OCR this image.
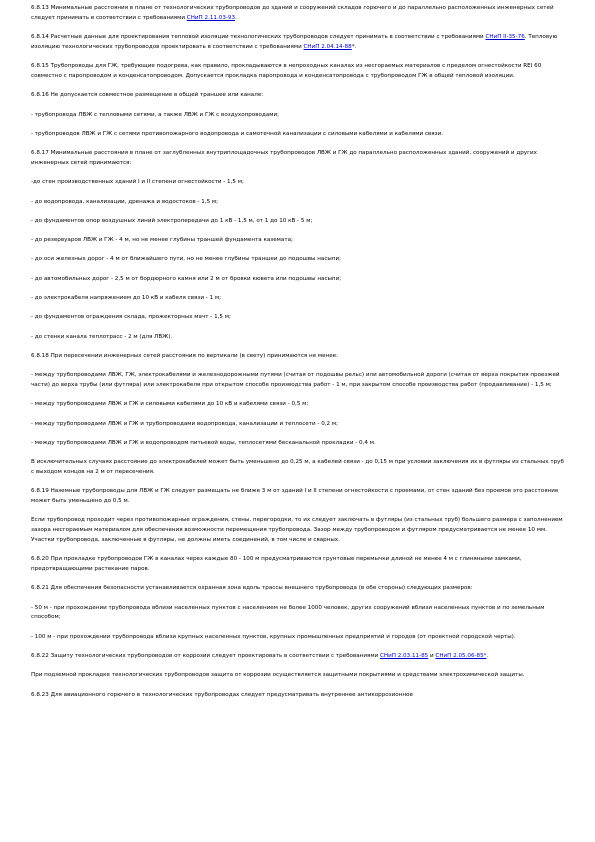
6.8.13 Минимальные расстояния в плане от технологических трубопроводов до зданий и сооружений складов горючего и до параллельно расположенных инженерных сетей следует принимать в соответствии с требованиями СНиП 2.11.03-93.

6.8.14 Расчетные данные для проектирования тепловой изоляции технологических трубопроводов следует принимать в соответствии с требованиями СНиП II-35-76. Тепловую изоляцию технологических трубопроводов проектировать в соответствии с требованиями СНиП 2.04.14-88*.

6.8.15 Трубопроводы для ГЖ, требующие подогрева, как правило, прокладываются в непроходных каналах из несгораемых материалов с пределом огнестойкости REI 60 совместно с паропроводом и конденсатопроводом. Допускается прокладка паропровода и конденсатопровода с трубопроводом ГЖ в общей тепловой изоляции.

6.8.16 Не допускается совместное размещение в общей траншее или канале:

- трубопровода ЛВЖ с тепловыми сетями, а также ЛВЖ и ГЖ с воздухопроводами;

- трубопроводов ЛВЖ и ГЖ с сетями противопожарного водопровода и самотечной канализации с силовыми кабелями и кабелями связи.

6.8.17 Минимальные расстояния в плане от заглубленных внутриплощадочных трубопроводов ЛВЖ и ГЖ до параллельно расположенных зданий, сооружений и других инженерных сетей принимаются:

-до стен производственных зданий I и II степени огнестойкости - 1,5 м;

- до водопровода, канализации, дренажа и водостоков - 1,5 м;

- до фундаментов опор воздушных линий электропередачи до 1 кВ - 1,5 м, от 1 до 10 кВ - 5 м;

- до резервуаров ЛВЖ и ГЖ - 4 м, но не менее глубины траншей фундамента каземата;

- до оси железных дорог - 4 м от ближайшего пути, но не менее глубины траншеи до подошвы насыпи;

- до автомобильных дорог - 2,5 м от бордюрного камня или 2 м от бровки кювета или подошвы насыпи;

- до электрокабеля напряжением до 10 кВ и кабеля связи - 1 м;

- до фундаментов ограждения склада, прожекторных мачт - 1,5 м;

- до стенки канала теплотрасс - 2 м (для ЛВЖ).

6.8.18 При пересечении инженерных сетей расстояния по вертикали (в свету) принимаются не менее:

- между трубопроводами ЛВЖ, ГЖ, электрокабелями и железнодорожными путями (считая от подошвы рельс) или автомобильной дороги (считая от верха покрытия проезжей части) до верха трубы (или футляра) или электрокабеля при открытом способе производства работ - 1 м, при закрытом способе производства работ (продавливание) - 1,5 м;

- между трубопроводами ЛВЖ и ГЖ и силовыми кабелями до 10 кВ и кабелями связи - 0,5 м;

- между трубопроводами ЛВЖ и ГЖ и трубопроводами водопровода, канализации и теплосети - 0,2 м;

- между трубопроводами ЛВЖ и ГЖ и водопроводом питьевой воды, теплосетями бесканальной прокладки - 0,4 м.

В исключительных случаях расстояние до электрокабелей может быть уменьшено до 0,25 м, а кабелей связи - до 0,15 м при условии заключения их в футляры из стальных труб с выходом концов на 2 м от пересечения.

6.8.19 Наземные трубопроводы для ЛВЖ и ГЖ следует размещать не ближе 3 м от зданий I и II степени огнестойкости с проемами, от стен зданий без проемов это расстояние может быть уменьшено до 0,5 м.

Если трубопровод проходит через противопожарные ограждения, стены, перегородки, то их следует заключать в футляры (из стальных труб) большего размера с заполнением зазора несгораемым материалом для обеспечения возможности перемещения трубопровода. Зазор между трубопроводом и футляром предусматривается не менее 10 мм. Участки трубопровода, заключенные в футляры, не должны иметь соединений, в том числе и сварных.

6.8.20 При прокладке трубопроводов ГЖ в каналах через каждые 80 - 100 м предусматриваются грунтовые перемычки длиной не менее 4 м с глиняными замками, предотвращающими растекание паров.

6.8.21 Для обеспечения безопасности устанавливается охранная зона вдоль трассы внешнего трубопровода (в обе стороны) следующих размеров:

- 50 м - при прохождении трубопровода вблизи населенных пунктов с населением не более 1000 человек, других сооружений вблизи населенных пунктов и по земельным способом;

- 100 м - при прохождении трубопровода вблизи крупных населенных пунктов, крупных промышленных предприятий и городов (от проектной городской черты).

6.8.22 Защиту технологических трубопроводов от коррозии следует проектировать в соответствии с требованиями СНиП 2.03.11-85 и СНиП 2.05.06-85*.

При подземной прокладке технологических трубопроводов защита от коррозии осуществляется защитными покрытиями и средствами электрохимической защиты.

6.8.23 Для авиационного горючего в технологических трубопроводах следует предусматривать внутреннее антикоррозионное
